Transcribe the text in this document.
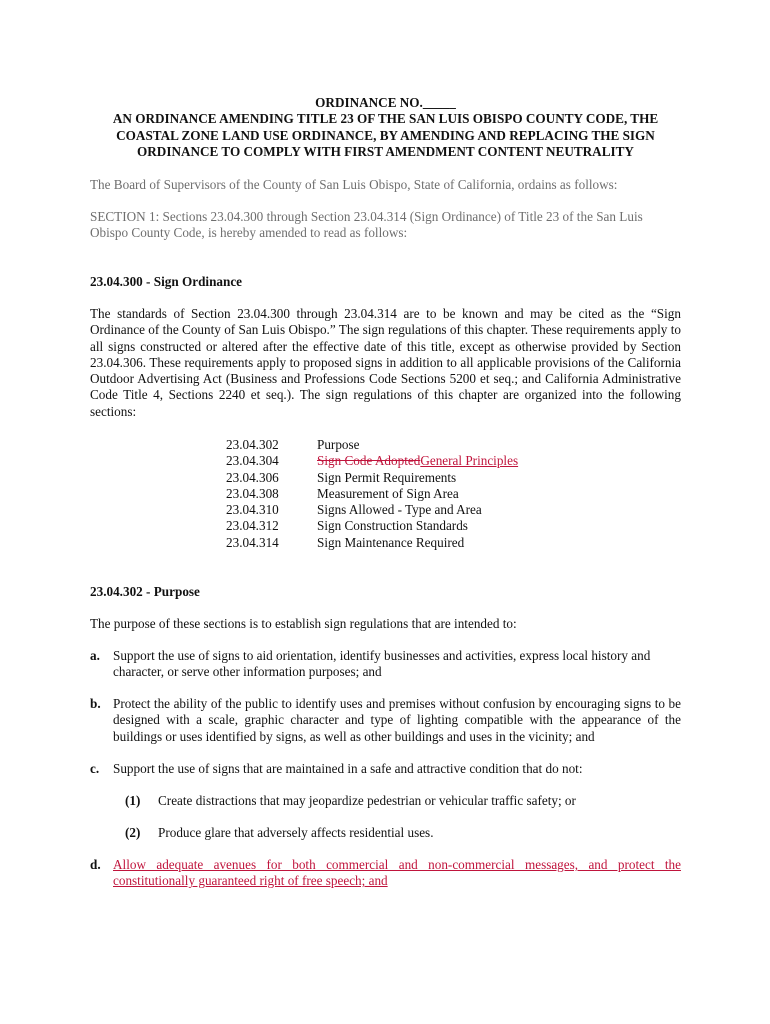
ORDINANCE NO._____
AN ORDINANCE AMENDING TITLE 23 OF THE SAN LUIS OBISPO COUNTY CODE, THE
COASTAL ZONE LAND USE ORDINANCE, BY AMENDING AND REPLACING THE SIGN
ORDINANCE TO COMPLY WITH FIRST AMENDMENT CONTENT NEUTRALITY
The Board of Supervisors of the County of San Luis Obispo, State of California, ordains as follows:
SECTION 1: Sections 23.04.300 through Section 23.04.314 (Sign Ordinance) of Title 23 of the San Luis Obispo County Code, is hereby amended to read as follows:
23.04.300 - Sign Ordinance
The standards of Section 23.04.300 through 23.04.314 are to be known and may be cited as the “Sign Ordinance of the County of San Luis Obispo.” The sign regulations of this chapter. These requirements apply to all signs constructed or altered after the effective date of this title, except as otherwise provided by Section 23.04.306. These requirements apply to proposed signs in addition to all applicable provisions of the California Outdoor Advertising Act (Business and Professions Code Sections 5200 et seq.; and California Administrative Code Title 4, Sections 2240 et seq.). The sign regulations of this chapter are organized into the following sections:
23.04.302	Purpose
23.04.304	Sign Code AdoptedGeneral Principles
23.04.306	Sign Permit Requirements
23.04.308	Measurement of Sign Area
23.04.310	Signs Allowed - Type and Area
23.04.312	Sign Construction Standards
23.04.314	Sign Maintenance Required
23.04.302 - Purpose
The purpose of these sections is to establish sign regulations that are intended to:
a. Support the use of signs to aid orientation, identify businesses and activities, express local history and character, or serve other information purposes; and
b. Protect the ability of the public to identify uses and premises without confusion by encouraging signs to be designed with a scale, graphic character and type of lighting compatible with the appearance of the buildings or uses identified by signs, as well as other buildings and uses in the vicinity; and
c.	Support the use of signs that are maintained in a safe and attractive condition that do not:
(1)	Create distractions that may jeopardize pedestrian or vehicular traffic safety; or
(2)	Produce glare that adversely affects residential uses.
d. Allow adequate avenues for both commercial and non-commercial messages, and protect the constitutionally guaranteed right of free speech; and
